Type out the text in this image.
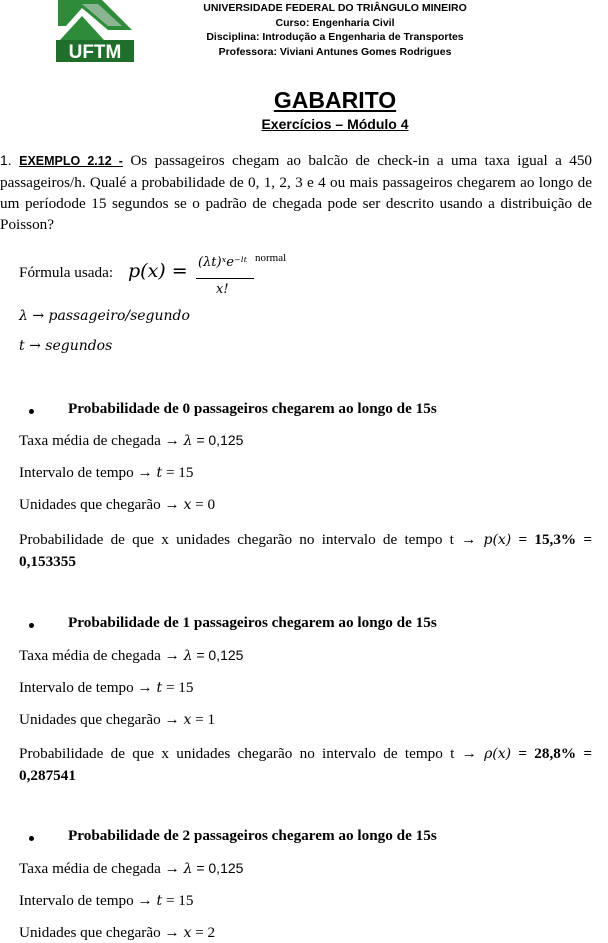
UFTM
UNIVERSIDADE FEDERAL DO TRIÂNGULO MINEIRO
Curso: Engenharia Civil
Disciplina: Introdução a Engenharia de Transportes
Professora: Viviani Antunes Gomes Rodrigues
GABARITO
Exercícios – Módulo 4
1. EXEMPLO 2.12 - Os passageiros chegam ao balcão de check-in a uma taxa igual a 450 passageiros/h. Qualé a probabilidade de 0, 1, 2, 3 e 4 ou mais passageiros chegarem ao longo de um períodode 15 segundos se o padrão de chegada pode ser descrito usando a distribuição de Poisson?
Fórmula usada: p(x) = (λt)ˣe⁻ˡᵗ normal
x!
λ → passageiro/segundo
t → segundos
Probabilidade de 0 passageiros chegarem ao longo de 15s
Taxa média de chegada → λ = 0,125
Intervalo de tempo → t = 15
Unidades que chegarão → x = 0
Probabilidade de que x unidades chegarão no intervalo de tempo t → p(x) = 15,3% = 0,153355
Probabilidade de 1 passageiros chegarem ao longo de 15s
Taxa média de chegada → λ = 0,125
Intervalo de tempo → t = 15
Unidades que chegarão → x = 1
Probabilidade de que x unidades chegarão no intervalo de tempo t → ρ(x) = 28,8% = 0,287541
Probabilidade de 2 passageiros chegarem ao longo de 15s
Taxa média de chegada → λ = 0,125
Intervalo de tempo → t = 15
Unidades que chegarão → x = 2
